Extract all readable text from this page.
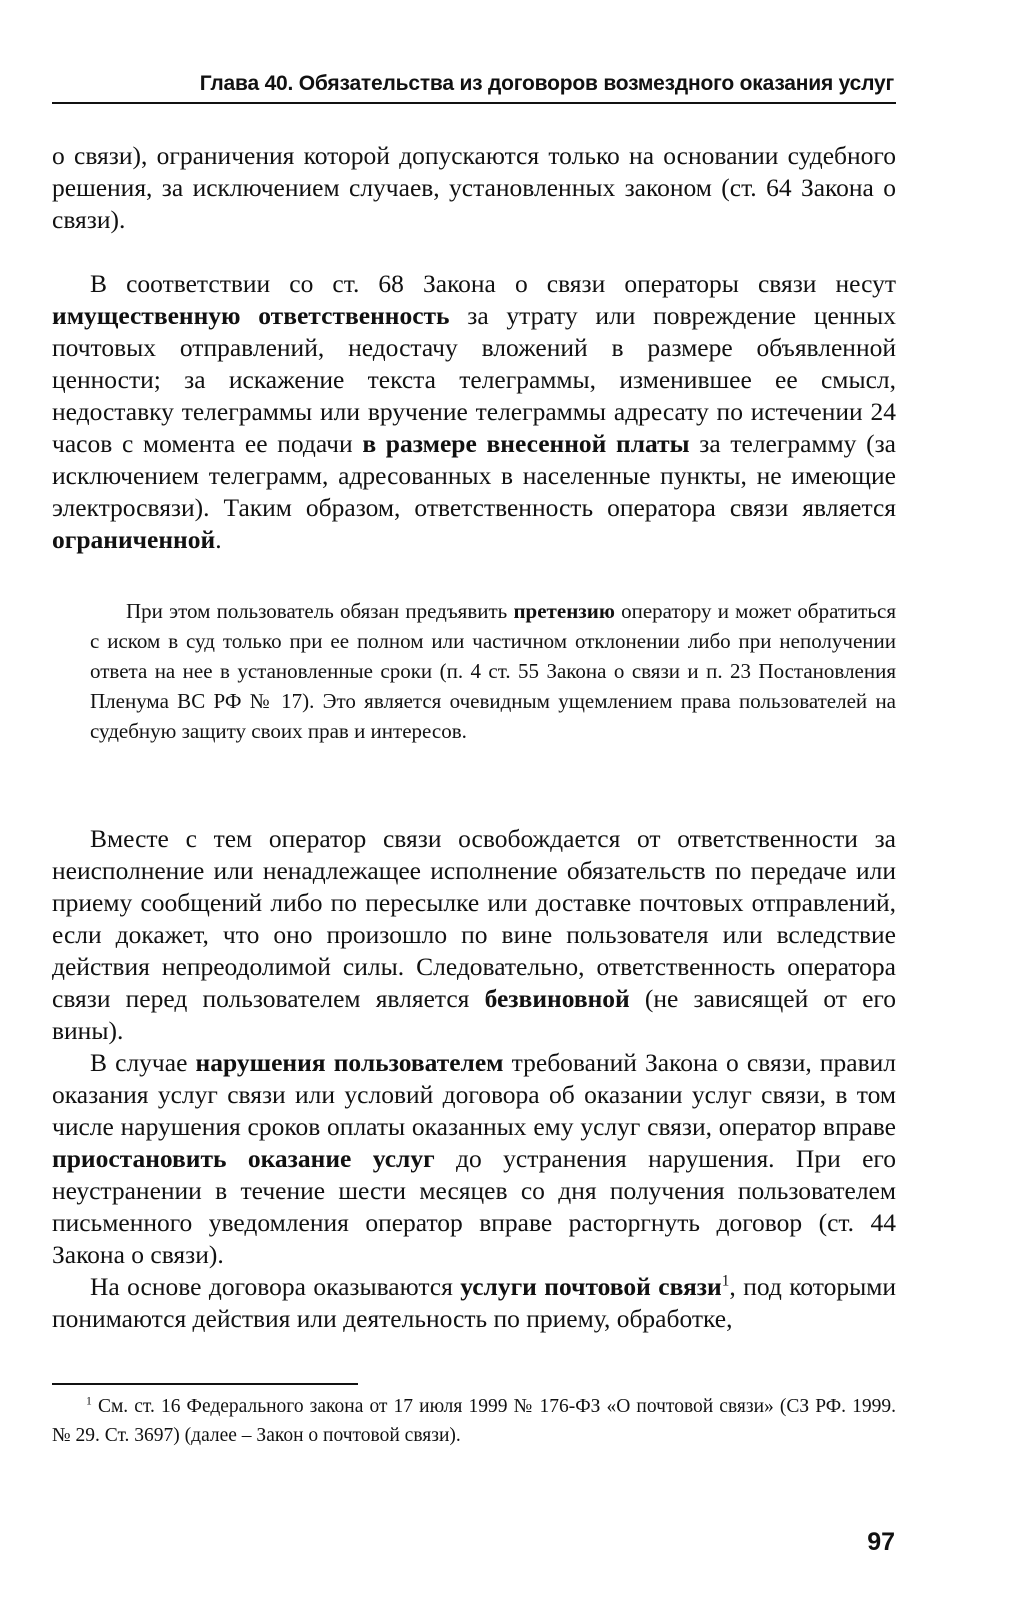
Глава 40. Обязательства из договоров возмездного оказания услуг

о связи), ограничения которой допускаются только на основании судебного решения, за исключением случаев, установленных законом (ст. 64 Закона о связи).

В соответствии со ст. 68 Закона о связи операторы связи несут имущественную ответственность за утрату или повреждение ценных почтовых отправлений, недостачу вложений в размере объявленной ценности; за искажение текста телеграммы, изменившее ее смысл, недоставку телеграммы или вручение телеграммы адресату по истечении 24 часов с момента ее подачи в размере внесенной платы за телеграмму (за исключением телеграмм, адресованных в населенные пункты, не имеющие электросвязи). Таким образом, ответственность оператора связи является ограниченной.

При этом пользователь обязан предъявить претензию оператору и может обратиться с иском в суд только при ее полном или частичном отклонении либо при неполучении ответа на нее в установленные сроки (п. 4 ст. 55 Закона о связи и п. 23 Постановления Пленума ВС РФ № 17). Это является очевидным ущемлением права пользователей на судебную защиту своих прав и интересов.

Вместе с тем оператор связи освобождается от ответственности за неисполнение или ненадлежащее исполнение обязательств по передаче или приему сообщений либо по пересылке или доставке почтовых отправлений, если докажет, что оно произошло по вине пользователя или вследствие действия непреодолимой силы. Следовательно, ответственность оператора связи перед пользователем является безвиновной (не зависящей от его вины).

В случае нарушения пользователем требований Закона о связи, правил оказания услуг связи или условий договора об оказании услуг связи, в том числе нарушения сроков оплаты оказанных ему услуг связи, оператор вправе приостановить оказание услуг до устранения нарушения. При его неустранении в течение шести месяцев со дня получения пользователем письменного уведомления оператор вправе расторгнуть договор (ст. 44 Закона о связи).

На основе договора оказываются услуги почтовой связи$^1$, под которыми понимаются действия или деятельность по приему, обработке,

$^1$ См. ст. 16 Федерального закона от 17 июля 1999 № 176-ФЗ «О почтовой связи» (СЗ РФ. 1999. № 29. Ст. 3697) (далее – Закон о почтовой связи).

97
